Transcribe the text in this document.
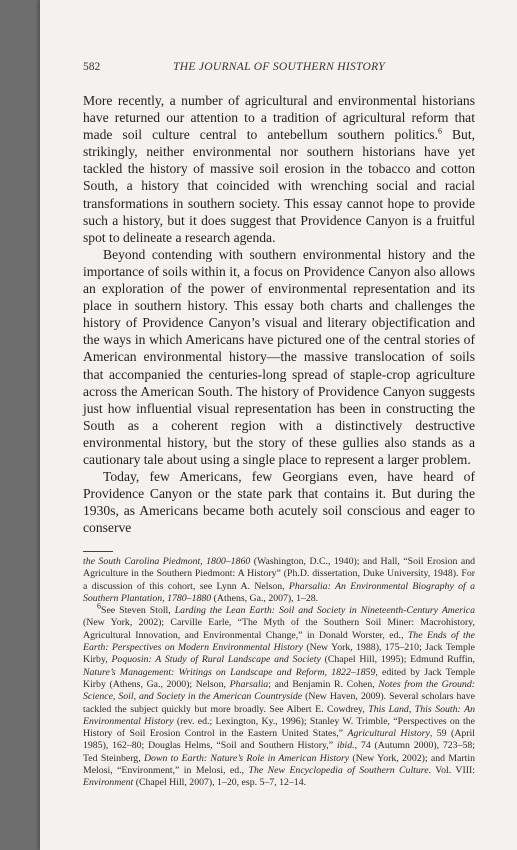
582	THE JOURNAL OF SOUTHERN HISTORY

More recently, a number of agricultural and environmental historians have returned our attention to a tradition of agricultural reform that made soil culture central to antebellum southern politics.$^6$ But, strikingly, neither environmental nor southern historians have yet tackled the history of massive soil erosion in the tobacco and cotton South, a history that coincided with wrenching social and racial transformations in southern society. This essay cannot hope to provide such a history, but it does suggest that Providence Canyon is a fruitful spot to delineate a research agenda.

Beyond contending with southern environmental history and the importance of soils within it, a focus on Providence Canyon also allows an exploration of the power of environmental representation and its place in southern history. This essay both charts and challenges the history of Providence Canyon’s visual and literary objectification and the ways in which Americans have pictured one of the central stories of American environmental history—the massive translocation of soils that accompanied the centuries-long spread of staple-crop agriculture across the American South. The history of Providence Canyon suggests just how influential visual representation has been in constructing the South as a coherent region with a distinctively destructive environmental history, but the story of these gullies also stands as a cautionary tale about using a single place to represent a larger problem.

Today, few Americans, few Georgians even, have heard of Providence Canyon or the state park that contains it. But during the 1930s, as Americans became both acutely soil conscious and eager to conserve

the South Carolina Piedmont, 1800–1860 (Washington, D.C., 1940); and Hall, “Soil Erosion and Agriculture in the Southern Piedmont: A History” (Ph.D. dissertation, Duke University, 1948). For a discussion of this cohort, see Lynn A. Nelson, Pharsalia: An Environmental Biography of a Southern Plantation, 1780–1880 (Athens, Ga., 2007), 1–28.

$^6$See Steven Stoll, Larding the Lean Earth: Soil and Society in Nineteenth-Century America (New York, 2002); Carville Earle, “The Myth of the Southern Soil Miner: Macrohistory, Agricultural Innovation, and Environmental Change,” in Donald Worster, ed., The Ends of the Earth: Perspectives on Modern Environmental History (New York, 1988), 175–210; Jack Temple Kirby, Poquosin: A Study of Rural Landscape and Society (Chapel Hill, 1995); Edmund Ruffin, Nature’s Management: Writings on Landscape and Reform, 1822–1859, edited by Jack Temple Kirby (Athens, Ga., 2000); Nelson, Pharsalia; and Benjamin R. Cohen, Notes from the Ground: Science, Soil, and Society in the American Countryside (New Haven, 2009). Several scholars have tackled the subject quickly but more broadly. See Albert E. Cowdrey, This Land, This South: An Environmental History (rev. ed.; Lexington, Ky., 1996); Stanley W. Trimble, “Perspectives on the History of Soil Erosion Control in the Eastern United States,” Agricultural History, 59 (April 1985), 162–80; Douglas Helms, “Soil and Southern History,” ibid., 74 (Autumn 2000), 723–58; Ted Steinberg, Down to Earth: Nature’s Role in American History (New York, 2002); and Martin Melosi, “Environment,” in Melosi, ed., The New Encyclopedia of Southern Culture. Vol. VIII: Environment (Chapel Hill, 2007), 1–20, esp. 5–7, 12–14.
